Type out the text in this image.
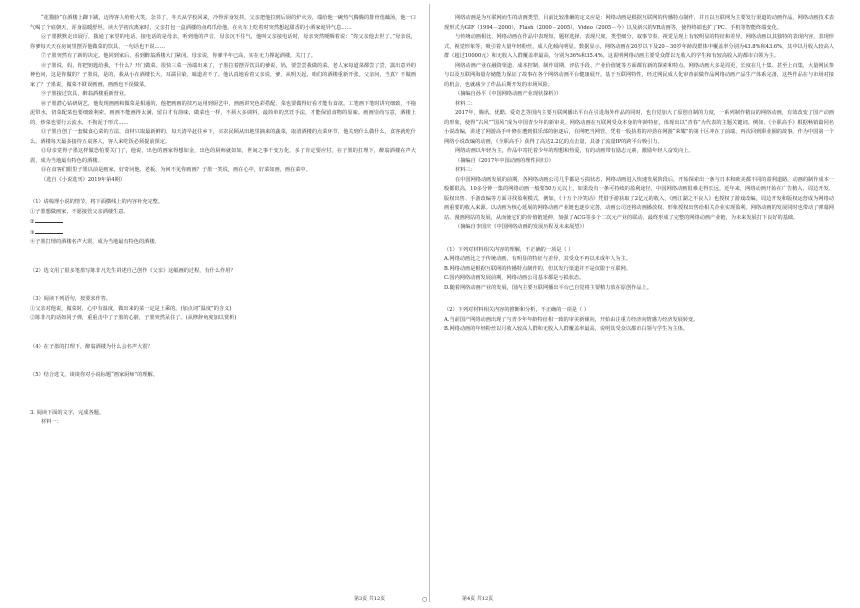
“花猫脸”在酒楼上蹿下跳，迈得客人哈哈大笑。念书了，冬天从学校回来，冷得浑身发抖，父亲把他拉到后厨的炉火旁，端给他一碗热气腾腾的排骨莲藕汤，他一口气喝了个底朝天，浑身温暖舒坦。读大学初次离家时，父亲打包一盒酒楼的卤鸡爪给他，在火车上吃着时突然想起甜香的小酒家诡异气息……

⑥子墨默默走出展厅，拨通了家里的电话。接电话的是母亲，听到他的声音，母亲沉不住气，他叫父亲接电话时，母亲突然哽咽着说：“你父亲他去世了。”母亲说，你爹每天天在房间里摆弄他做菜的饮具，一句话也不说……

⑦子墨突然有了新的决定。他回到家后，看到醉翁酒楼大门紧闭。母亲说，你爹半年已高，实在无力撑起酒楼，关门了。

⑧子墨说，妈，你把钥匙给我，干什么？开门做菜。很快三菜一汤端出来了，子墨拉着摆弄饮具的爹说，妈，要尝尝我做的菜。老人家每道菜都尝了尝，露出意外的神色问，这是你做的？子墨说，是的，我从小在酒楼长大，耳濡目染，味道差不了。他认真地看着父亲说，爹，从明天起，咱们的酒楼重新开张。父亲问，当真？不做画家了？子墨说，做菜不耽误画画，画画也不误做菜。

⑨子墨接过饮具，醉翁酒楼重新营业。

⑩子墨潜心钻研厨艺，他发现画画和做菜是相通的，他把画画的技巧运用到厨艺中，画画讲究色彩搭配，菜也要做得好看才能有食欲。工笔画下笔时讲究细致，不拖泥带水，切菜配菜也要细致利索。画画不能画得太满，留白才有韵味，做菜也一样，不须大多调料，最简单的烹饪手法，才能保留食物的原味。画画崇尚写意，酒楼上的，炒菜也要行云流水，不拘泥于形式……

⑪子墨自创了一套做食心菜的方法，食材只取最新鲜的，每天清早赶往乡下，买农民顾从田地里摘来的蔬菜，取清酒楼的点菜环节，他关到什么做什么，食客就吃什么。酒楼每天最多接待五桌客人，客人来吃饭必须提前预定。

⑫母亲觉得子墨这样做恐怕要关门了，他说，出色的画家得想如金，出色的厨师就如如，世间之事千变万化，多了肯定要应付。在子墨的打理下，醉翁酒楼在声大震，成为当地最有特色的酒楼。

⑬在食客们眼里子墨以前是画家，好奇问他，老板，为何不见你画画？子墨一笑说，画在心中，好菜如画，画在菜中。

（选自《小说选刊》2019年第4期）

（1）请梳理小说的情节，将下面横线上的内容补充完整。

①子墨想做画家，不愿接管父亲酒楼生意。

②

③

④子墨打理的酒楼名声大震，成为当地最有特色的酒楼。

（2）选文用了很多笔墨写陈非凡先生讲述自己创作《父亲》这幅画的过程，有什么作用？

（3）阅读下列语句，按要求作答。

①父亲对他说，做菜时，心中有温度，做出来的菜一定是上乘的。(加点词“温度”的含义)

②陈非凡的话如同子弹，重重击中了子墨的心脏，子墨突然呆住了。(从修辞角度加以赏析)

（4）在子墨的打理下，醉翁酒楼为什么会名声大震？

（5）结合选文，谈谈你对小说标题“画家厨师”的理解。

3. 阅读下面的文字，完成各题。

材料一：

网络动画是为互联网而生的动画类型，目前比较准确的定义应是：网络动画是根据互联网的传播特点制作，并且以互联网为主要发行渠道的动画作品。网络动画技术表现形式为GIF（1994－2000），Flash（2000－2005），Video（2005－今）以及新兴的VR动画等，使得终端也扩了PC、手机等智能终端变化。

与传统动画相比，网络动画在作品中表现短，题材选择、表现尺度、类型细分，叙事节奏、视觉呈现上有较明显的特征和差异。网络动画以其独特的表现内容，表现形式，视觉形象等，吸引着大量年轻粉丝，成人化倾向明显。数据显示，网络动画在20岁以下及20－30岁年龄段群体中覆盖率分别为43.8%和43.6%，其中以月收入较高人群（超过10000元）和无收入人群覆盖率最高，分别为36%和35.4%。这说明网络动画主要受众群以无收入的学生和有较高收入的都市白领为主。

网络动画产业在融资渠道、成本控制、制作周期、评估手段、产业价值链等方面都有新的探索和特点。网络动画大多是周更，长度在几十集、甚至上百集，大量网民参与以及互联网海量存储能力保证了故事在各个网络动画平台健康展开。基于互联网特性，经过网民成人化审查前做作品网络动画产品生产体系完备，这些作品在与市场对接的机会，也就减少了作品后期开发的市场风险。

（摘编自孙平《中国网络动画产业现状探析》）

材料二：

2017年，腾讯、优酷、爱奇艺等国内主要互联网播出平台在引进海外作品的同时，也自觉加大了原创自制的力度，一系列制作精良的网络动画，有效改变了国产动画的形象，使得“古风”“国风”成为中国青少年的新审美。网络动画在互联网受众本身的年龄特征，体现出以“青春”为代表的主题关键词。例如，《全职高手》根据畅销篇同名小说改编，讲述了网游高手叶修在遭到俱乐部的驱逐后，在网吧当网管，凭着一股执着的冲劲在网游“荣耀”的第十区冲在了前端，再次回到职业圈的故事。作为中国第一个网络小说改编的动画，《全职高手》获得了高达2.2亿的点击量，具备了流量IP的跨平台吸引力。

网络动画以年轻为主，作品中寄托着少年的理想和热爱，有的动画带有励志元素，激励年轻人奋发向上。

（摘编自《2017年中国动画的理性回归》）

材料三：

在中国网络动画发展的前期，各网络动画公司几乎都是亏损状态，网络动画进入快速发展阶段后，开始探索出一条与日本和欧美都不同的盈利道路。动画的制作成本一般都很高，10多分钟一集的网络动画一般要50万元以上，如果没有一条可持续的盈利途径，中国网络动画很难走得长远。近年来，网络动画开始在广告植入、周边开发、版权出售、手游改编等方面寻找盈利模式，例如，《十万个冷笑话》凭借手游获取了2亿元的收入，《画江湖之不良人》也授权了游戏改编。周边开发和版权运营成为网络动画重要的收入来源。以动画为核心延展的网络动画产业链也逐步完善，动画公司还将动画播放权、形象授权出售给相关企业实现盈利。网络动画的发展同时也带动了弹幕网站、漫画网站的发展，从而使它们的价值链延伸，加强了ACG等多个二次元产业的联动，最终形成了完整的网络动画产业链，为未来发展打下良好的基础。

（摘编自李国庆《中国网络动画的发展历程及未来展望》）

（1）下列对材料相关内容的理解，不正确的一项是（ ）

A.网络动画比之于传统动画，有明显的特征与差异，其受众不再以未成年人为主。

B.网络动画是根据互联网的传播特点制作的，但其发行渠道并不是仅限于互联网。

C.国内网络动画发展前期，网络动画公司基本都是亏损状态。

D.随着网络动画产业的发展，国内主要互联网播出平台已自觉将主要精力放在原创作品上。

（2）下列对材料相关内容的推断和分析，不正确的一项是（ ）

A.当前国产网络动画出现了与青少年年龄特征相一致的审美新倾向，开始由注重力经济向情感力经济发展转变。

B.网络动画的年轻粉丝以月收入较高人群和无收入人群覆盖率最高，说明其受众以都市白领与学生为主体。

第3页 共12页	○	第4页 共12页
